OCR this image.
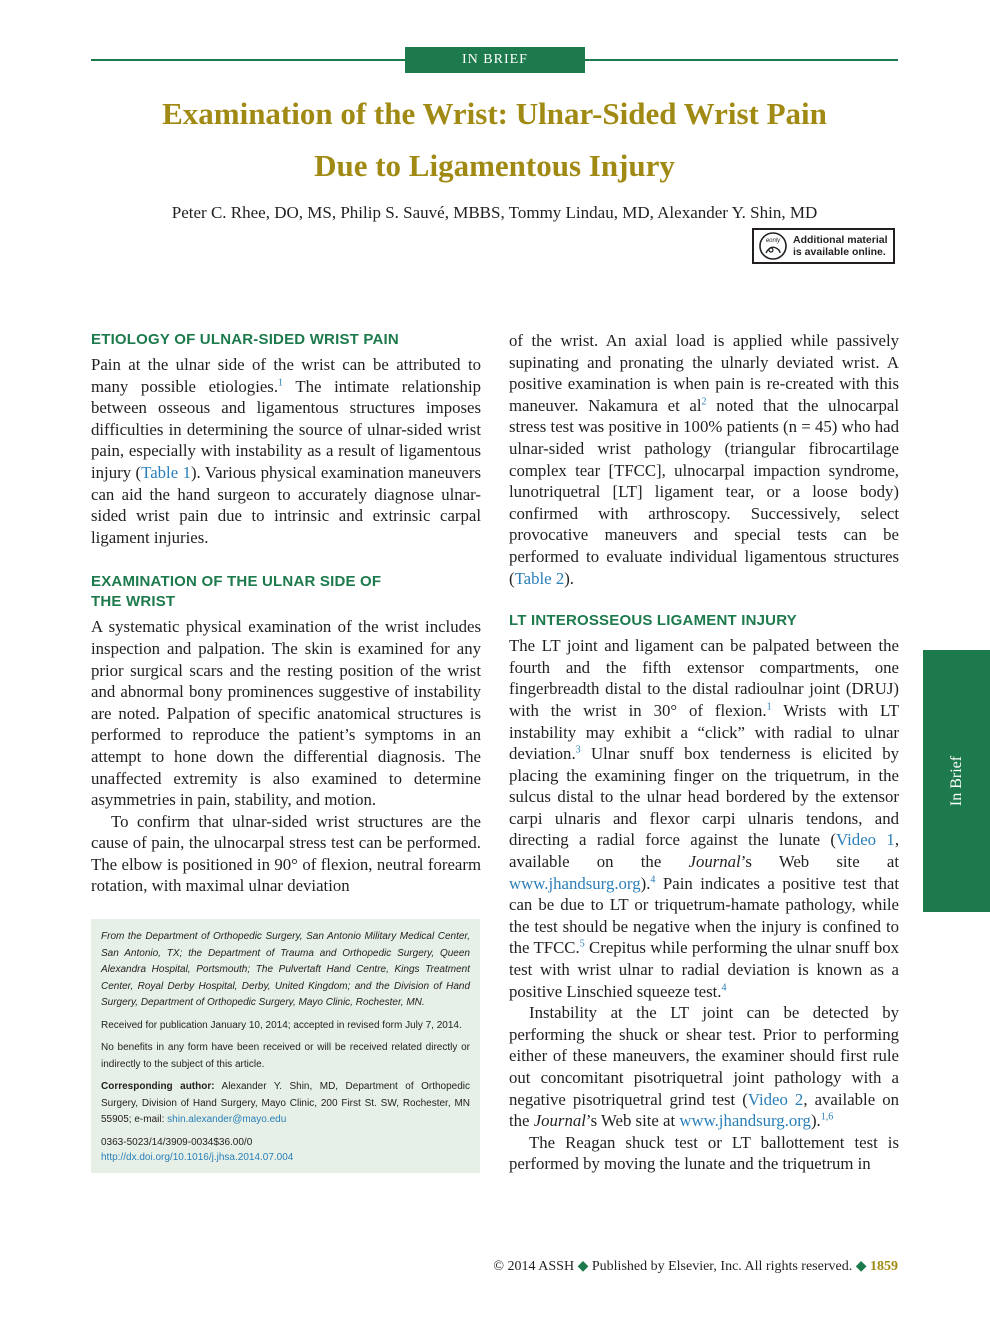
IN BRIEF
Examination of the Wrist: Ulnar-Sided Wrist Pain
Due to Ligamentous Injury

Peter C. Rhee, DO, MS, Philip S. Sauvé, MBBS, Tommy Lindau, MD, Alexander Y. Shin, MD

eonly Additional material
is available online.
ETIOLOGY OF ULNAR-SIDED WRIST PAIN

Pain at the ulnar side of the wrist can be attributed to many possible etiologies.$^1$ The intimate relationship between osseous and ligamentous structures imposes difficulties in determining the source of ulnar-sided wrist pain, especially with instability as a result of ligamentous injury (Table 1). Various physical examination maneuvers can aid the hand surgeon to accurately diagnose ulnar-sided wrist pain due to intrinsic and extrinsic carpal ligament injuries.

EXAMINATION OF THE ULNAR SIDE OF
THE WRIST

A systematic physical examination of the wrist includes inspection and palpation. The skin is examined for any prior surgical scars and the resting position of the wrist and abnormal bony prominences suggestive of instability are noted. Palpation of specific anatomical structures is performed to reproduce the patient’s symptoms in an attempt to hone down the differential diagnosis. The unaffected extremity is also examined to determine asymmetries in pain, stability, and motion.

To confirm that ulnar-sided wrist structures are the cause of pain, the ulnocarpal stress test can be performed. The elbow is positioned in 90° of flexion, neutral forearm rotation, with maximal ulnar deviation

From the Department of Orthopedic Surgery, San Antonio Military Medical Center, San Antonio, TX; the Department of Trauma and Orthopedic Surgery, Queen Alexandra Hospital, Portsmouth; The Pulvertaft Hand Centre, Kings Treatment Center, Royal Derby Hospital, Derby, United Kingdom; and the Division of Hand Surgery, Department of Orthopedic Surgery, Mayo Clinic, Rochester, MN.

Received for publication January 10, 2014; accepted in revised form July 7, 2014.

No benefits in any form have been received or will be received related directly or indirectly to the subject of this article.

Corresponding author: Alexander Y. Shin, MD, Department of Orthopedic Surgery, Division of Hand Surgery, Mayo Clinic, 200 First St. SW, Rochester, MN 55905; e-mail: shin.alexander@mayo.edu

0363-5023/14/3909-0034$36.00/0
http://dx.doi.org/10.1016/j.jhsa.2014.07.004

of the wrist. An axial load is applied while passively supinating and pronating the ulnarly deviated wrist. A positive examination is when pain is re-created with this maneuver. Nakamura et $al^2$ noted that the ulnocarpal stress test was positive in 100% patients (n = 45) who had ulnar-sided wrist pathology (triangular fibrocartilage complex tear [TFCC], ulnocarpal impaction syndrome, lunotriquetral [LT] ligament tear, or a loose body) confirmed with arthroscopy. Successively, select provocative maneuvers and special tests can be performed to evaluate individual ligamentous structures (Table 2).

LT INTEROSSEOUS LIGAMENT INJURY

The LT joint and ligament can be palpated between the fourth and the fifth extensor compartments, one fingerbreadth distal to the distal radioulnar joint (DRUJ) with the wrist in 30° of flexion.$^1$ Wrists with LT instability may exhibit a “click” with radial to ulnar deviation.$^3$ Ulnar snuff box tenderness is elicited by placing the examining finger on the triquetrum, in the sulcus distal to the ulnar head bordered by the extensor carpi ulnaris and flexor carpi ulnaris tendons, and directing a radial force against the lunate (Video 1, available on the Journal’s Web site at www.jhandsurg.org).$^4$ Pain indicates a positive test that can be due to LT or triquetrum-hamate pathology, while the test should be negative when the injury is confined to the TFCC.$^5$ Crepitus while performing the ulnar snuff box test with wrist ulnar to radial deviation is known as a positive Linschied squeeze test.$^4$

Instability at the LT joint can be detected by performing the shuck or shear test. Prior to performing either of these maneuvers, the examiner should first rule out concomitant pisotriquetral joint pathology with a negative pisotriquetral grind test (Video 2, available on the Journal’s Web site at www.jhandsurg.org).$^{1,6}$

The Reagan shuck test or LT ballottement test is performed by moving the lunate and the triquetrum in

In Brief
© 2014 ASSH ◆ Published by Elsevier, Inc. All rights reserved. ◆ 1859
